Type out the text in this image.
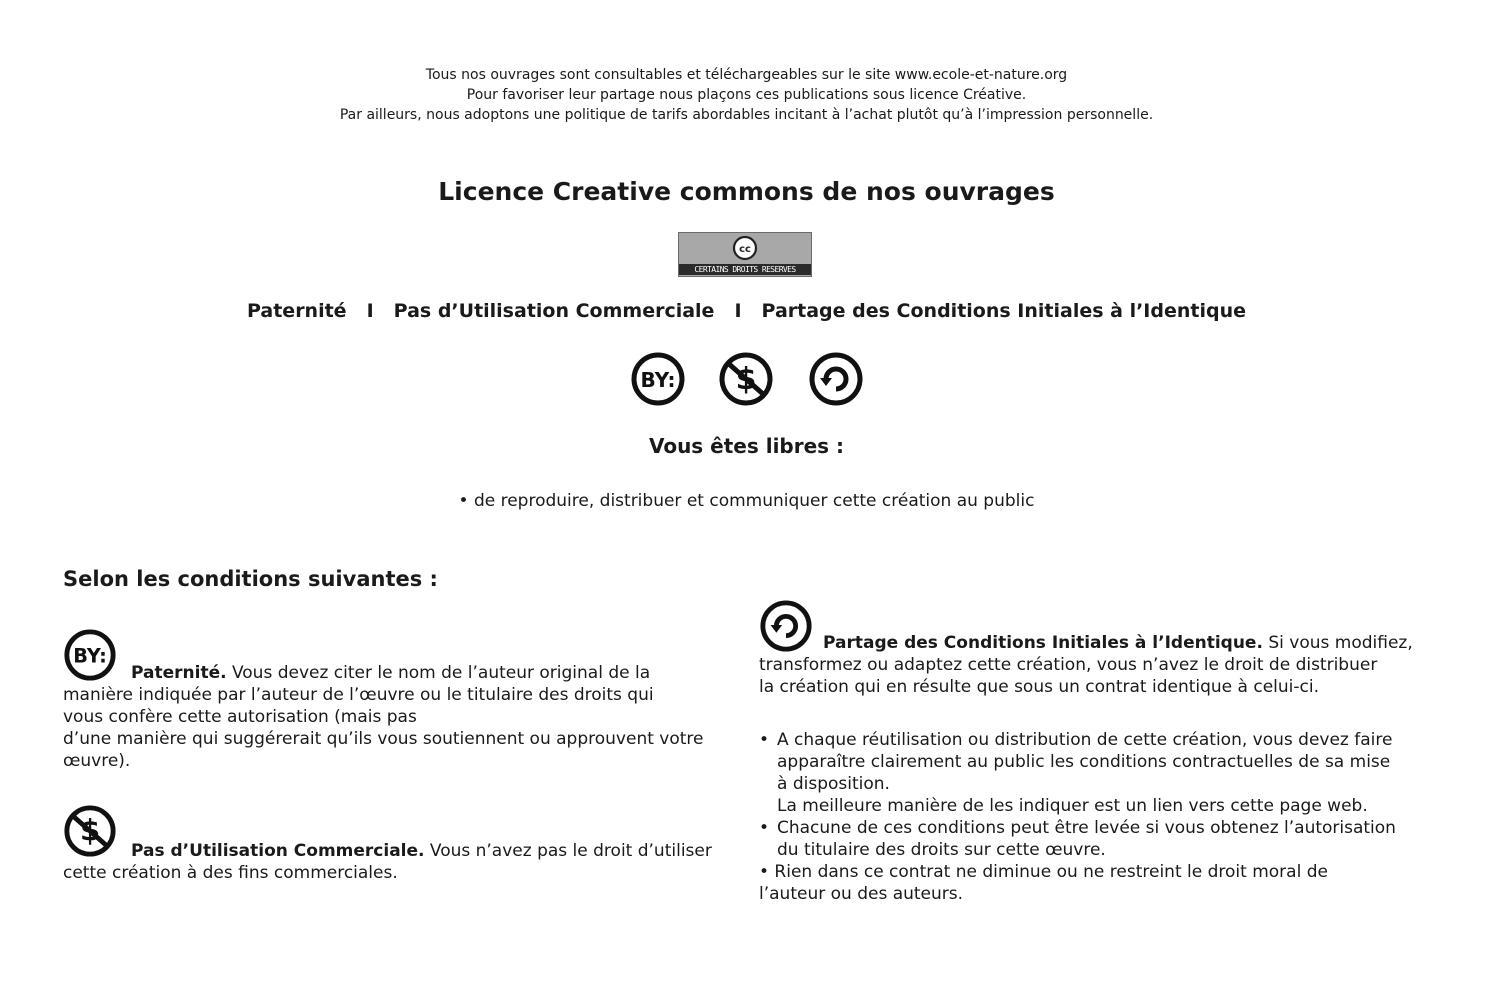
Tous nos ouvrages sont consultables et téléchargeables sur le site www.ecole-et-nature.org
Pour favoriser leur partage nous plaçons ces publications sous licence Créative.
Par ailleurs, nous adoptons une politique de tarifs abordables incitant à l’achat plutôt qu’à l’impression personnelle.
Licence Creative commons de nos ouvrages
cc
CERTAINS DROITS RESERVES
Paternité I Pas d’Utilisation Commerciale I Partage des Conditions Initiales à l’Identique
BY: $
Vous êtes libres :
• de reproduire, distribuer et communiquer cette création au public
Selon les conditions suivantes :
BY:
Paternité. Vous devez citer le nom de l’auteur original de la
manière indiquée par l’auteur de l’œuvre ou le titulaire des droits qui
vous confère cette autorisation (mais pas
d’une manière qui suggérerait qu’ils vous soutiennent ou approuvent votre
œuvre).
$
Pas d’Utilisation Commerciale. Vous n’avez pas le droit d’utiliser
cette création à des fins commerciales.
Partage des Conditions Initiales à l’Identique. Si vous modifiez,
transformez ou adaptez cette création, vous n’avez le droit de distribuer
la création qui en résulte que sous un contrat identique à celui-ci.
• A chaque réutilisation ou distribution de cette création, vous devez faire
apparaître clairement au public les conditions contractuelles de sa mise
à disposition.
La meilleure manière de les indiquer est un lien vers cette page web.
• Chacune de ces conditions peut être levée si vous obtenez l’autorisation
du titulaire des droits sur cette œuvre.
• Rien dans ce contrat ne diminue ou ne restreint le droit moral de
l’auteur ou des auteurs.
